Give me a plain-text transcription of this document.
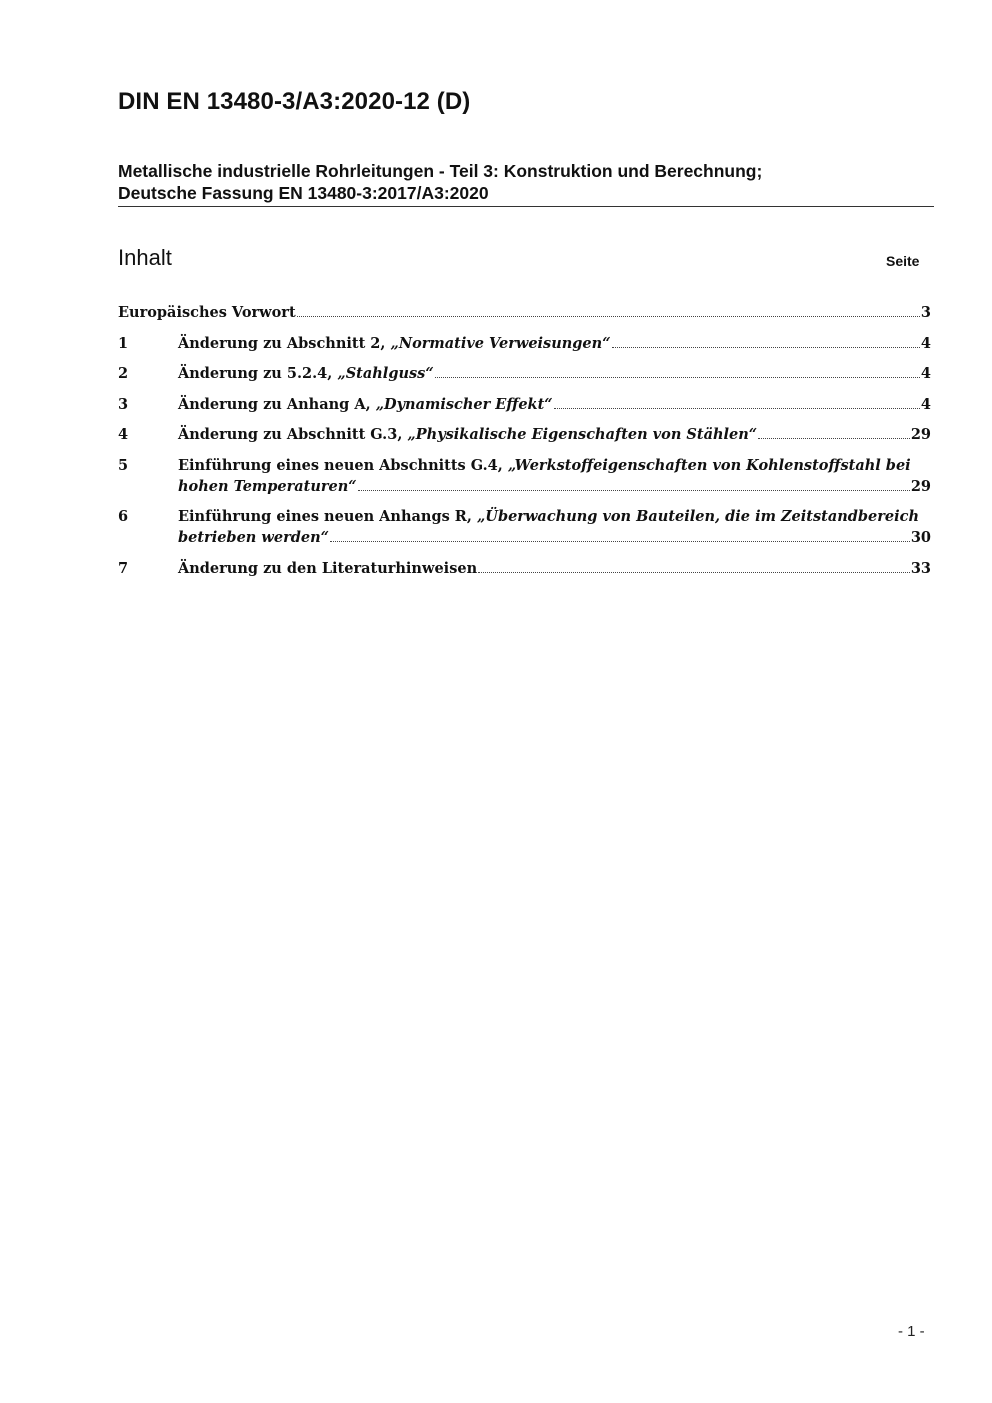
DIN EN 13480-3/A3:2020-12 (D)
Metallische industrielle Rohrleitungen - Teil 3: Konstruktion und Berechnung;
Deutsche Fassung EN 13480-3:2017/A3:2020
Inhalt	Seite
Europäisches Vorwort	3
1	Änderung zu Abschnitt 2, „Normative Verweisungen“	4
2	Änderung zu 5.2.4, „Stahlguss“	4
3	Änderung zu Anhang A, „Dynamischer Effekt“	4
4	Änderung zu Abschnitt G.3, „Physikalische Eigenschaften von Stählen“	29
5	Einführung eines neuen Abschnitts G.4, „Werkstoffeigenschaften von Kohlenstoffstahl bei
hohen Temperaturen“	29
6	Einführung eines neuen Anhangs R, „Überwachung von Bauteilen, die im Zeitstandbereich
betrieben werden“	30
7	Änderung zu den Literaturhinweisen	33
- 1 -
